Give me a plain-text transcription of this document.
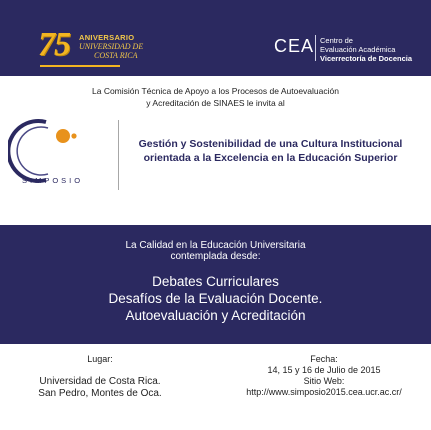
75 ANIVERSARIO
UNIVERSIDAD DE
COSTA RICA	CEA Centro de
Evaluación Académica
Vicerrectoría de Docencia
La Comisión Técnica de Apoyo a los Procesos de Autoevaluación
y Acreditación de SINAES le invita al
SIMPOSIO
Gestión y Sostenibilidad de una Cultura Institucional
orientada a la Excelencia en la Educación Superior
La Calidad en la Educación Universitaria
contemplada desde:
Debates Curriculares
Desafíos de la Evaluación Docente.
Autoevaluación y Acreditación
Lugar:
Universidad de Costa Rica.
San Pedro, Montes de Oca.
Fecha:
14, 15 y 16 de Julio de 2015
Sitio Web:
http://www.simposio2015.cea.ucr.ac.cr/
